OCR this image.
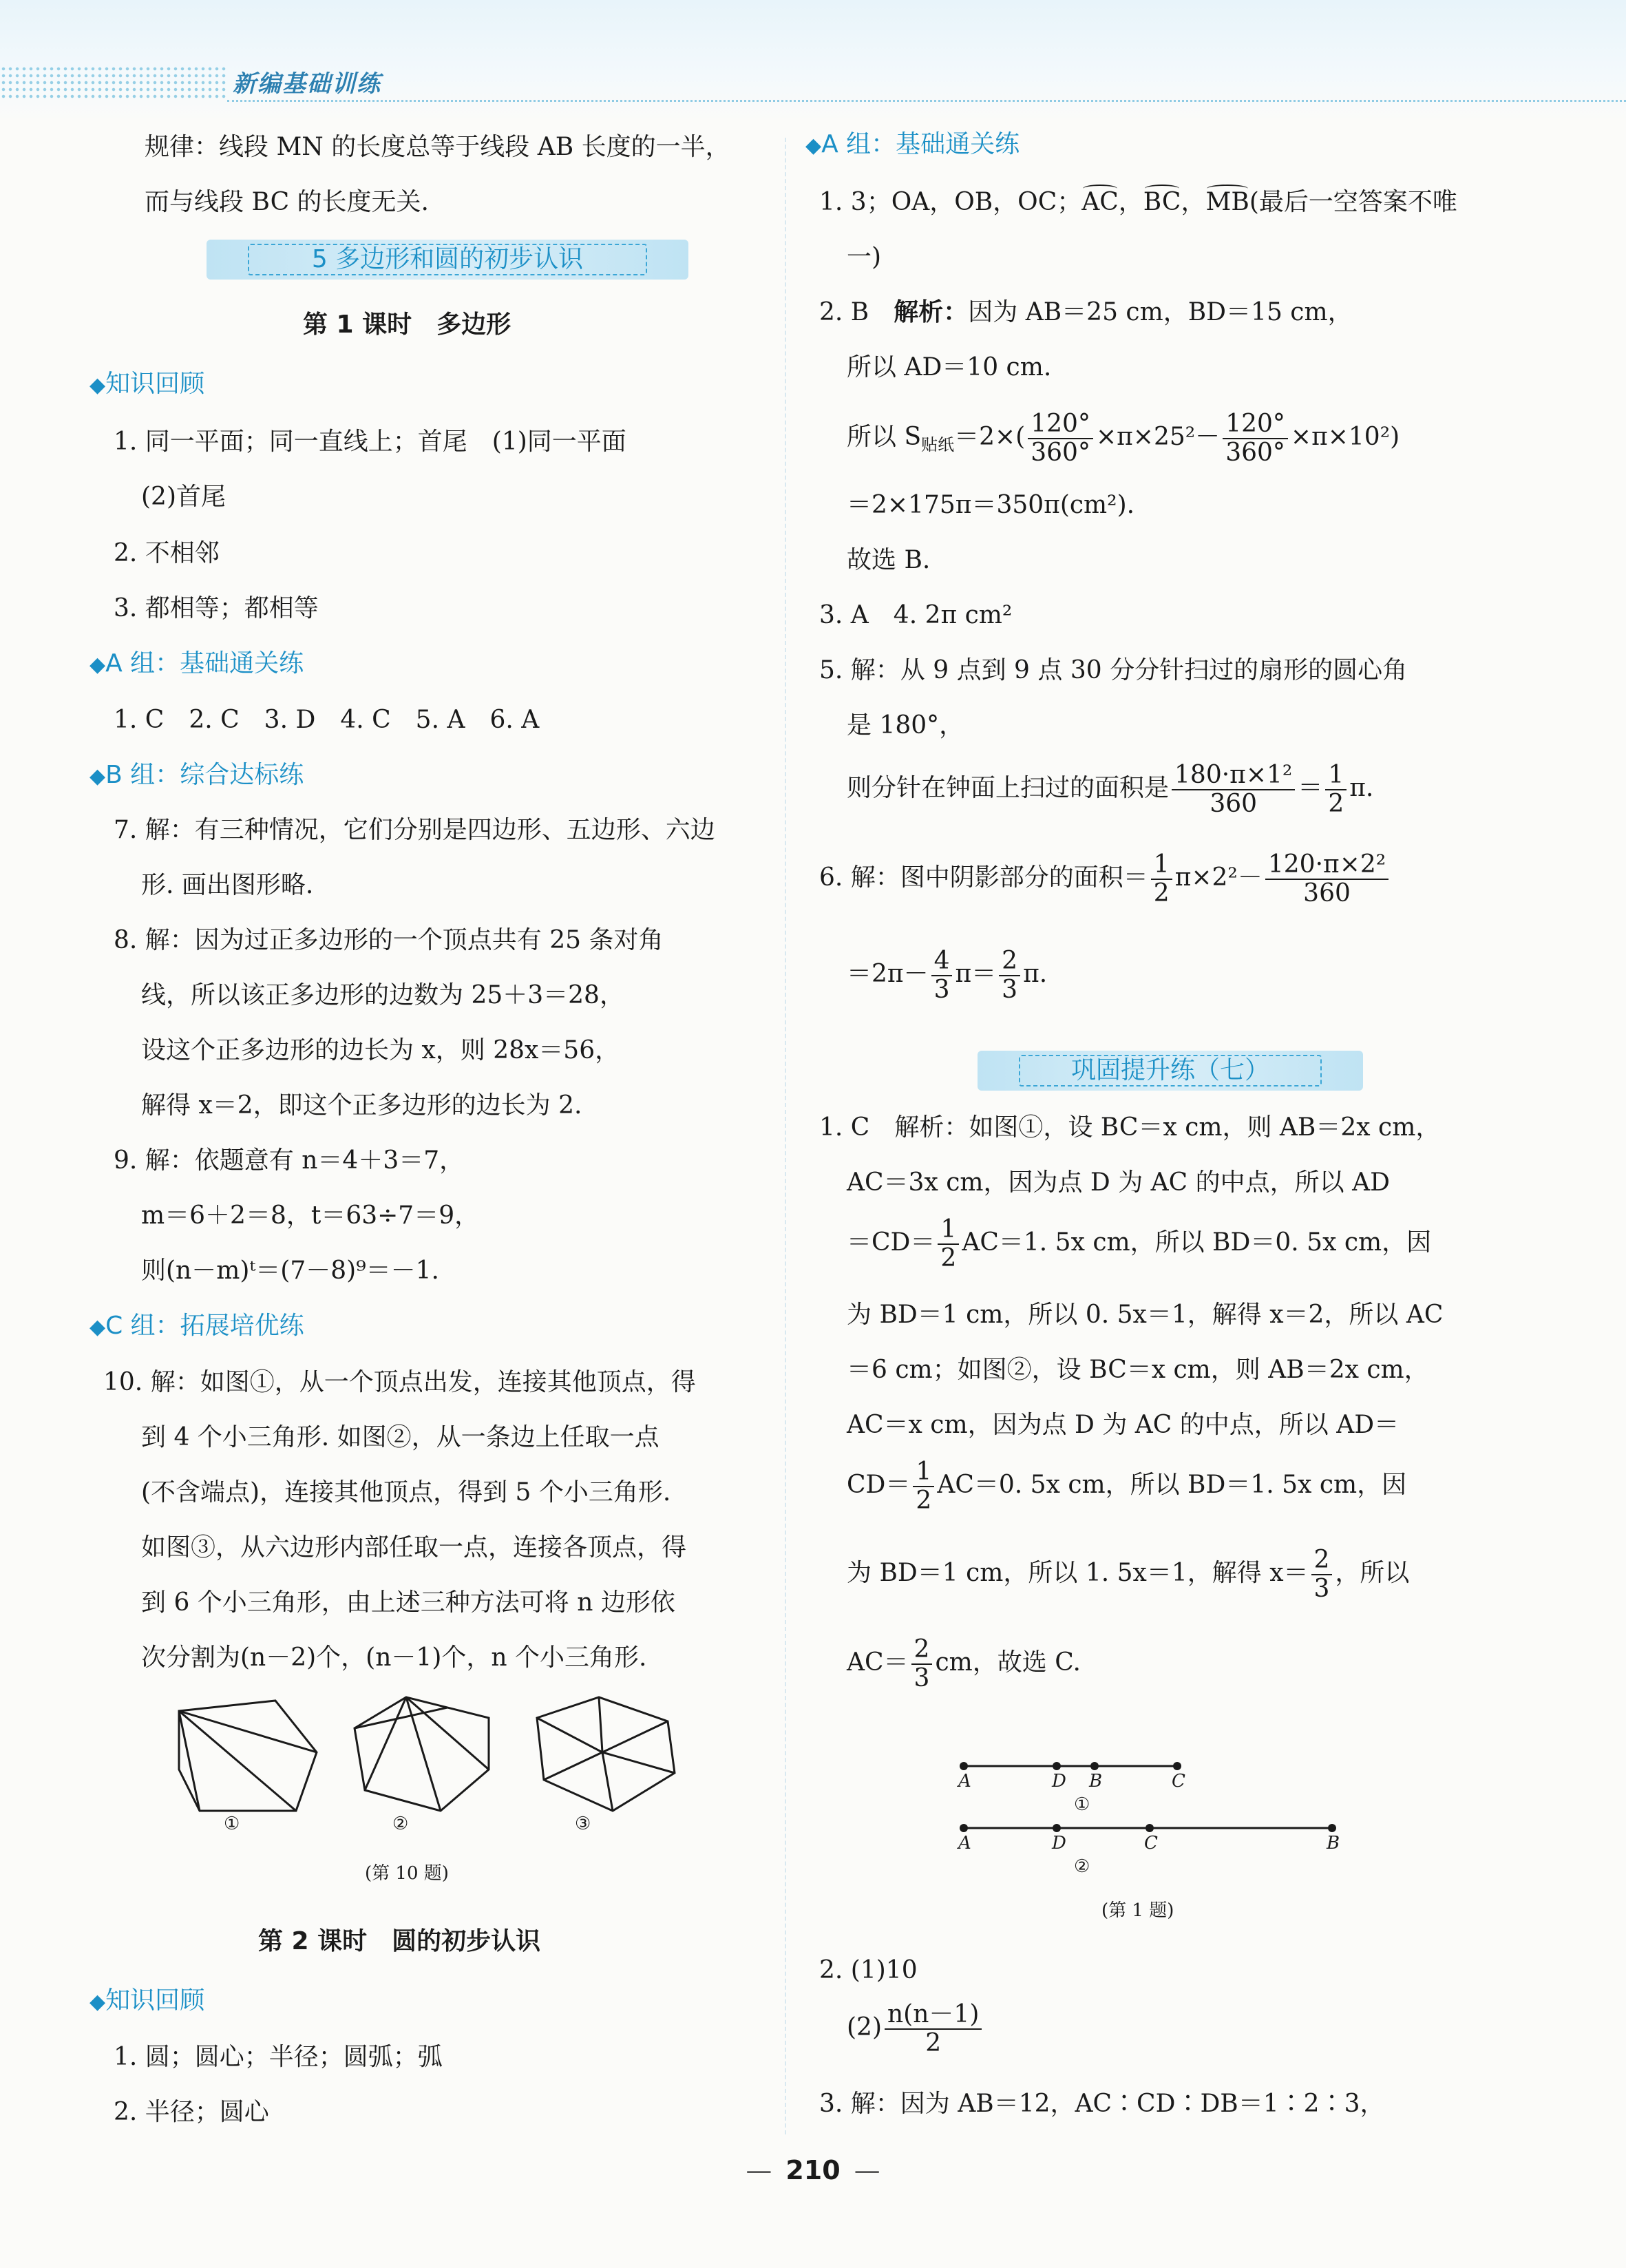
新编基础训练
规律：线段 MN 的长度总等于线段 AB 长度的一半，
而与线段 BC 的长度无关.
5 多边形和圆的初步认识
第 1 课时　多边形
◆知识回顾
1. 同一平面；同一直线上；首尾　(1)同一平面
(2)首尾
2. 不相邻
3. 都相等；都相等
◆A 组：基础通关练
1. C　2. C　3. D　4. C　5. A　6. A
◆B 组：综合达标练
7. 解：有三种情况，它们分别是四边形、五边形、六边
形. 画出图形略.
8. 解：因为过正多边形的一个顶点共有 25 条对角
线，所以该正多边形的边数为 25＋3＝28，
设这个正多边形的边长为 x，则 28x＝56，
解得 x＝2，即这个正多边形的边长为 2.
9. 解：依题意有 n＝4＋3＝7，
m＝6＋2＝8，t＝63÷7＝9，
则(n－m)ᵗ＝(7－8)⁹＝－1.
◆C 组：拓展培优练
10. 解：如图①，从一个顶点出发，连接其他顶点，得
到 4 个小三角形. 如图②，从一条边上任取一点
(不含端点)，连接其他顶点，得到 5 个小三角形.
如图③，从六边形内部任取一点，连接各顶点，得
到 6 个小三角形，由上述三种方法可将 n 边形依
次分割为(n－2)个，(n－1)个，n 个小三角形.
①	②	③
(第 10 题)
第 2 课时　圆的初步认识
◆知识回顾
1. 圆；圆心；半径；圆弧；弧
2. 半径；圆心
◆A 组：基础通关练
1. 3；OA，OB，OC；AC，BC，MB(最后一空答案不唯
一)
2. B　 解析：因为 AB＝25 cm，BD＝15 cm，
所以 AD＝10 cm.
所以 $S_{贴纸}=2\times( \frac{120^\circ}{360^\circ} \times\pi\times 25^2- \frac{120^\circ}{360^\circ} \times\pi\times 10^2)$
＝2×175π＝350π(cm²).
故选 B.
3. A　4. 2π cm²
5. 解：从 9 点到 9 点 30 分分针扫过的扇形的圆心角
是 180°，
则分针在钟面上扫过的面积是 $\frac{\text{180·π×1²}}{360} = \frac{1}{2} \pi$.
6. 解：图中阴影部分的面积＝ $\frac{1}{2} \pi\times 2^2- \frac{\text{120·π×2²}}{360}$
$=2\pi- \frac{4}{3} \pi= \frac{2}{3} \pi$.
巩固提升练（七）
1. C　解析：如图①，设 BC＝x cm，则 AB＝2x cm，
AC＝3x cm，因为点 D 为 AC 的中点，所以 AD
$=CD= \frac{1}{2} AC=1$. 5x cm，所以 BD＝0. 5x cm，因
为 BD＝1 cm，所以 0. 5x＝1，解得 x＝2，所以 AC
＝6 cm；如图②，设 BC＝x cm，则 AB＝2x cm，
AC＝x cm，因为点 D 为 AC 的中点，所以 AD＝
$CD= \frac{1}{2} AC=0$. 5x cm，所以 BD＝1. 5x cm，因
为 BD＝1 cm，所以 1. 5x＝1，解得 $x= \frac{2}{3}$ ，所以
$AC= \frac{2}{3}$ cm，故选 C.
A	D B	C
①
A	D	C	B
②
(第 1 题)
2. (1)10
$(2) \frac{n(n-1)}{2}$
3. 解：因为 AB＝12，AC∶CD∶DB＝1∶2∶3，
— 210 —
